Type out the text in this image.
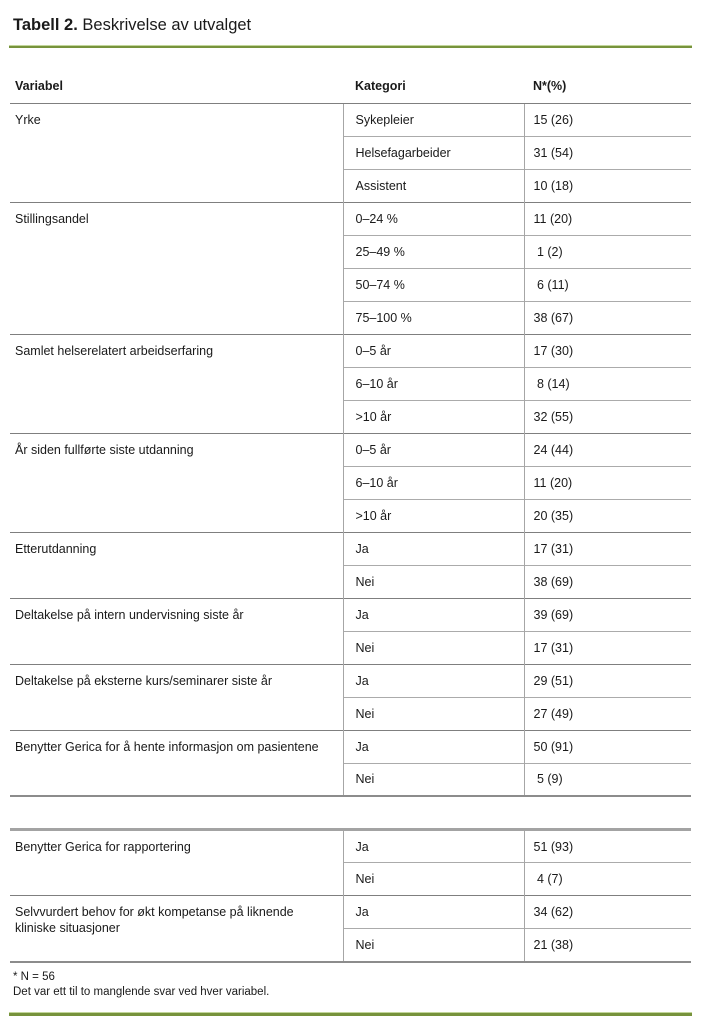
Tabell 2. Beskrivelse av utvalget
Variabel	Kategori	N*(%)
Yrke	Sykepleier	15 (26)
	Helsefagarbeider	31 (54)
	Assistent	10 (18)
Stillingsandel	0–24 %	11 (20)
	25–49 %	1 (2)
	50–74 %	6 (11)
	75–100 %	38 (67)
Samlet helserelatert arbeidserfaring	0–5 år	17 (30)
	6–10 år	8 (14)
	>10 år	32 (55)
År siden fullførte siste utdanning	0–5 år	24 (44)
	6–10 år	11 (20)
	>10 år	20 (35)
Etterutdanning	Ja	17 (31)
	Nei	38 (69)
Deltakelse på intern undervisning siste år	Ja	39 (69)
	Nei	17 (31)
Deltakelse på eksterne kurs/seminarer siste år	Ja	29 (51)
	Nei	27 (49)
Benytter Gerica for å hente informasjon om pasientene	Ja	50 (91)
	Nei	5 (9)
Benytter Gerica for rapportering	Ja	51 (93)
	Nei	4 (7)
Selvvurdert behov for økt kompetanse på liknende kliniske situasjoner	Ja	34 (62)
	Nei	21 (38)
* N = 56
Det var ett til to manglende svar ved hver variabel.
